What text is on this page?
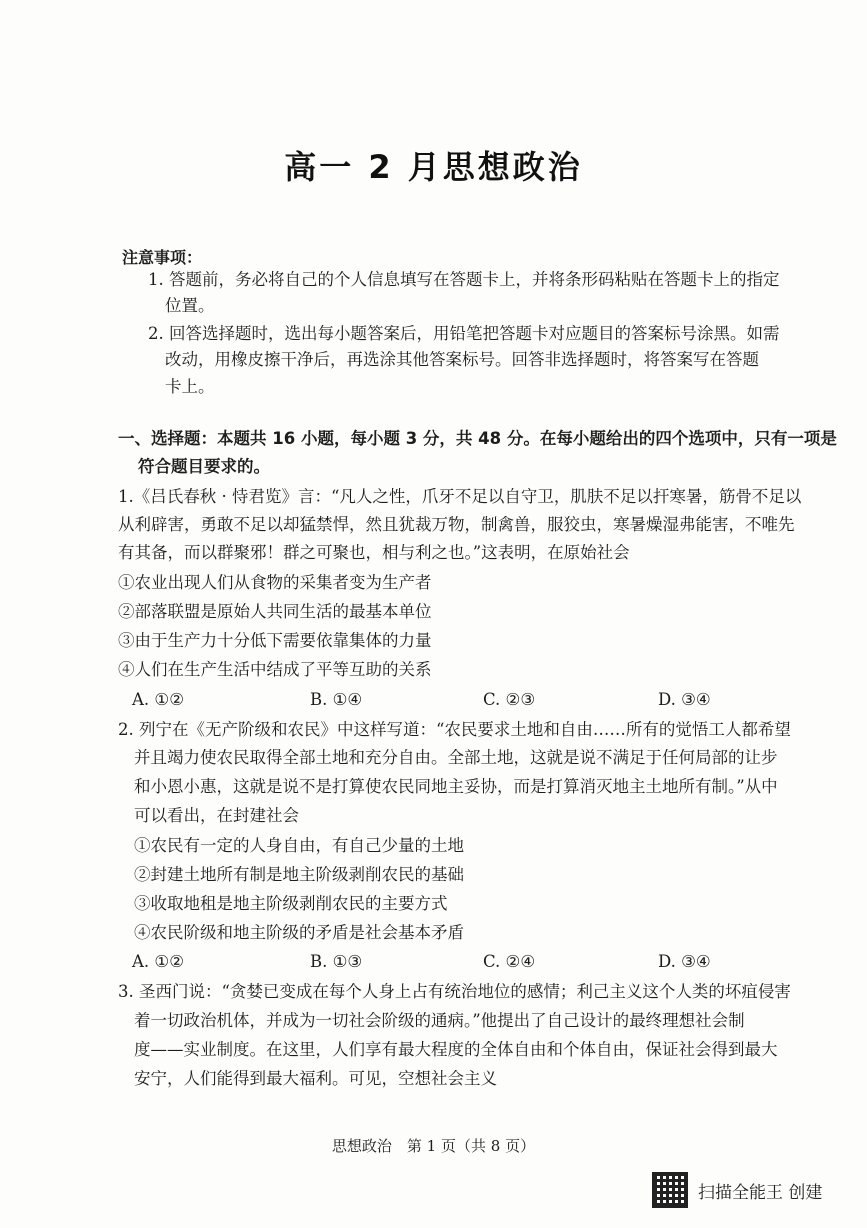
高一 2 月思想政治
注意事项：
1. 答题前，务必将自己的个人信息填写在答题卡上，并将条形码粘贴在答题卡上的指定
位置。
2. 回答选择题时，选出每小题答案后，用铅笔把答题卡对应题目的答案标号涂黑。如需
改动，用橡皮擦干净后，再选涂其他答案标号。回答非选择题时，将答案写在答题
卡上。
一、选择题：本题共 16 小题，每小题 3 分，共 48 分。在每小题给出的四个选项中，只有一项是
符合题目要求的。
1.《吕氏春秋 · 恃君览》言：“凡人之性，爪牙不足以自守卫，肌肤不足以扞寒暑，筋骨不足以
从利辟害，勇敢不足以却猛禁悍，然且犹裁万物，制禽兽，服狡虫，寒暑燥湿弗能害，不唯先
有其备，而以群聚邪！群之可聚也，相与利之也。”这表明，在原始社会
①农业出现人们从食物的采集者变为生产者
②部落联盟是原始人共同生活的最基本单位
③由于生产力十分低下需要依靠集体的力量
④人们在生产生活中结成了平等互助的关系
A. ①②	B. ①④	C. ②③	D. ③④
2. 列宁在《无产阶级和农民》中这样写道：“农民要求土地和自由……所有的觉悟工人都希望
并且竭力使农民取得全部土地和充分自由。全部土地，这就是说不满足于任何局部的让步
和小恩小惠，这就是说不是打算使农民同地主妥协，而是打算消灭地主土地所有制。”从中
可以看出，在封建社会
①农民有一定的人身自由，有自己少量的土地
②封建土地所有制是地主阶级剥削农民的基础
③收取地租是地主阶级剥削农民的主要方式
④农民阶级和地主阶级的矛盾是社会基本矛盾
A. ①②	B. ①③	C. ②④	D. ③④
3. 圣西门说：“贪婪已变成在每个人身上占有统治地位的感情；利己主义这个人类的坏疽侵害
着一切政治机体，并成为一切社会阶级的通病。”他提出了自己设计的最终理想社会制
度——实业制度。在这里，人们享有最大程度的全体自由和个体自由，保证社会得到最大
安宁，人们能得到最大福利。可见，空想社会主义
思想政治　第 1 页（共 8 页）
扫描全能王 创建
